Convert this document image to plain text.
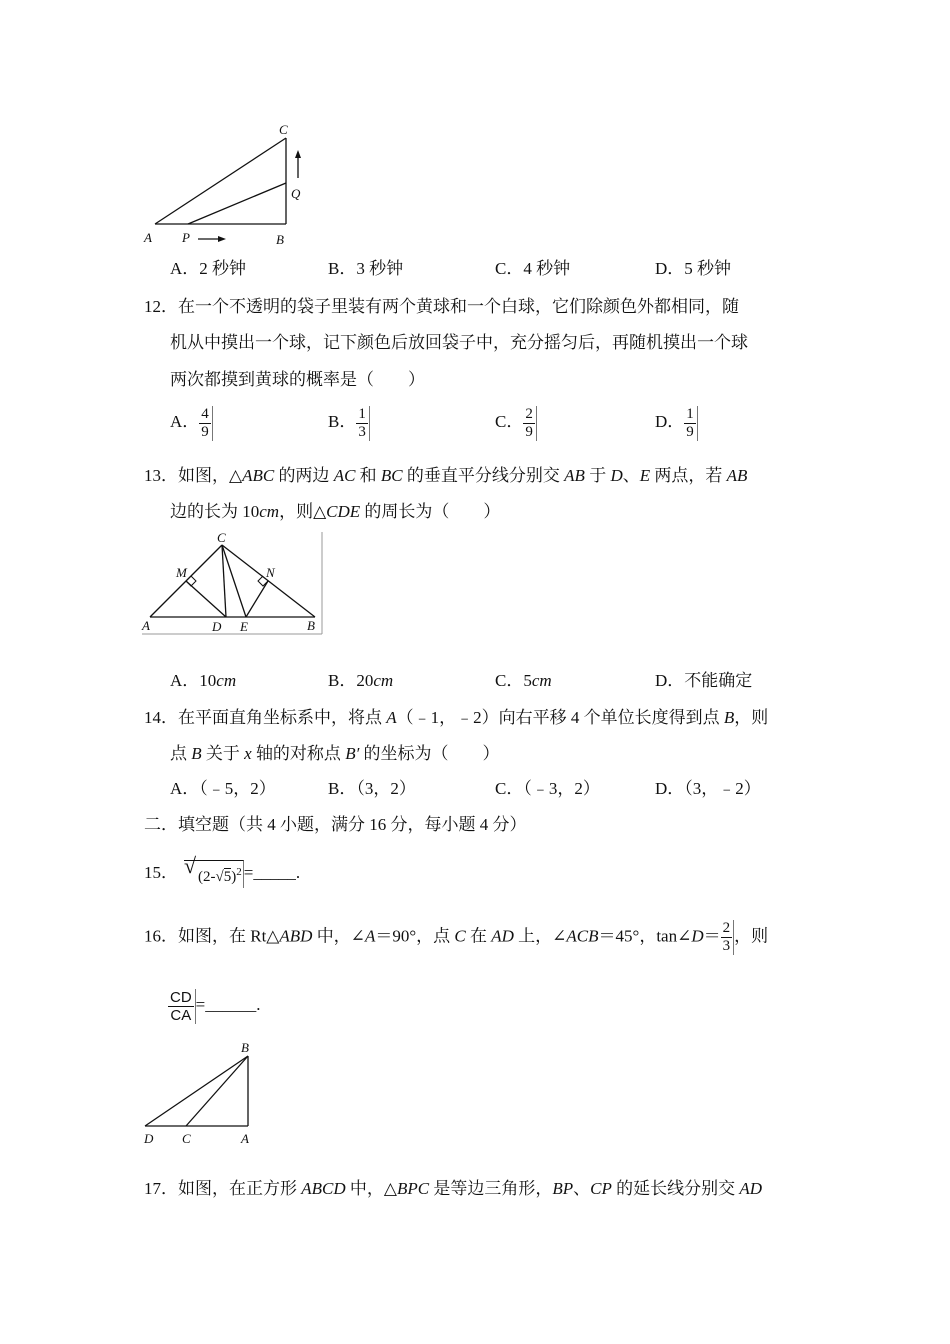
C
Q
A P	B
A．2 秒钟	B．3 秒钟	C．4 秒钟	D．5 秒钟
12．在一个不透明的袋子里装有两个黄球和一个白球，它们除颜色外都相同，随
机从中摸出一个球，记下颜色后放回袋子中，充分摇匀后，再随机摸出一个球
两次都摸到黄球的概率是（　　）
A． $\frac{4}{9}$	B． $\frac{1}{3}$	C． $\frac{2}{9}$	D． $\frac{1}{9}$
13．如图，△ABC 的两边 AC 和 BC 的垂直平分线分别交 AB 于 D、E 两点，若 AB
边的长为 10cm，则△CDE 的周长为（　　）
C
M	N
A	D E	B
A．10cm	B．20cm	C．5cm	D．不能确定
14．在平面直角坐标系中，将点 A（﹣1，﹣2）向右平移 4 个单位长度得到点 B，则
点 B 关于 x 轴的对称点 B′ 的坐标为（　　）
A．（﹣5，2）	B．（3，2）	C．（﹣3，2）	D．（3，﹣2）
二．填空题（共 4 小题，满分 16 分，每小题 4 分）
15． √ $(2-√5)^2$ =_____.
16．如图，在 Rt△ABD 中，∠A＝90°，点 C 在 AD 上，∠ACB＝45°，tan∠D＝ $\frac{2}{3}$ ，则
$\frac{CD}{CA}$ =______.
B
D C	A
17．如图，在正方形 ABCD 中，△BPC 是等边三角形，BP、CP 的延长线分别交 AD
